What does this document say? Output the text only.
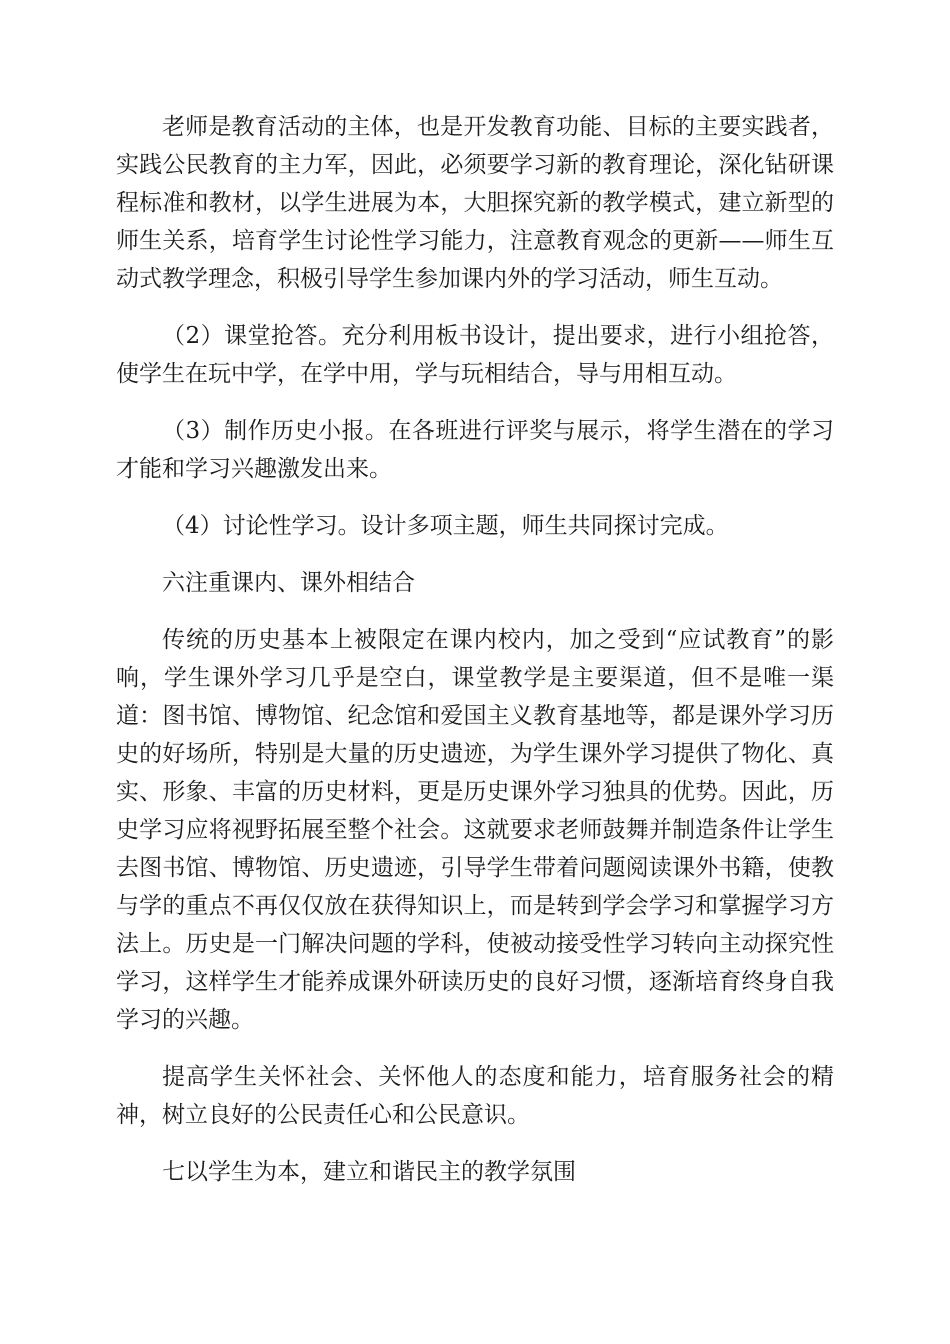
老师是教育活动的主体，也是开发教育功能、目标的主要实践者，实践公民教育的主力军，因此，必须要学习新的教育理论，深化钻研课程标准和教材，以学生进展为本，大胆探究新的教学模式，建立新型的师生关系，培育学生讨论性学习能力，注意教育观念的更新——师生互动式教学理念，积极引导学生参加课内外的学习活动，师生互动。

（2）课堂抢答。充分利用板书设计，提出要求，进行小组抢答，使学生在玩中学，在学中用，学与玩相结合，导与用相互动。

（3）制作历史小报。在各班进行评奖与展示，将学生潜在的学习才能和学习兴趣激发出来。

（4）讨论性学习。设计多项主题，师生共同探讨完成。

六注重课内、课外相结合

传统的历史基本上被限定在课内校内，加之受到“应试教育”的影响，学生课外学习几乎是空白，课堂教学是主要渠道，但不是唯一渠道：图书馆、博物馆、纪念馆和爱国主义教育基地等，都是课外学习历史的好场所，特别是大量的历史遗迹，为学生课外学习提供了物化、真实、形象、丰富的历史材料，更是历史课外学习独具的优势。因此，历史学习应将视野拓展至整个社会。这就要求老师鼓舞并制造条件让学生去图书馆、博物馆、历史遗迹，引导学生带着问题阅读课外书籍，使教与学的重点不再仅仅放在获得知识上，而是转到学会学习和掌握学习方法上。历史是一门解决问题的学科，使被动接受性学习转向主动探究性学习，这样学生才能养成课外研读历史的良好习惯，逐渐培育终身自我学习的兴趣。

提高学生关怀社会、关怀他人的态度和能力，培育服务社会的精神，树立良好的公民责任心和公民意识。

七以学生为本，建立和谐民主的教学氛围
